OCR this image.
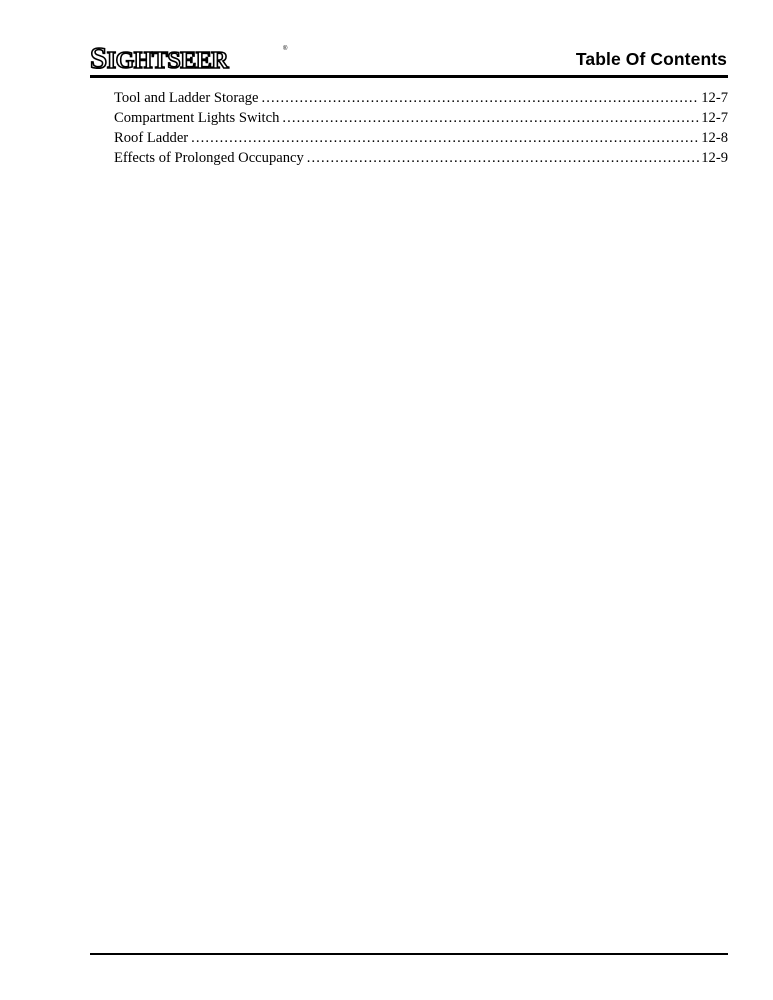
SIGHTSEER	®	Table Of Contents
Tool and Ladder Storage .....	12-7
Compartment Lights Switch .....	12-7
Roof Ladder .....	12-8
Effects of Prolonged Occupancy .....	12-9
